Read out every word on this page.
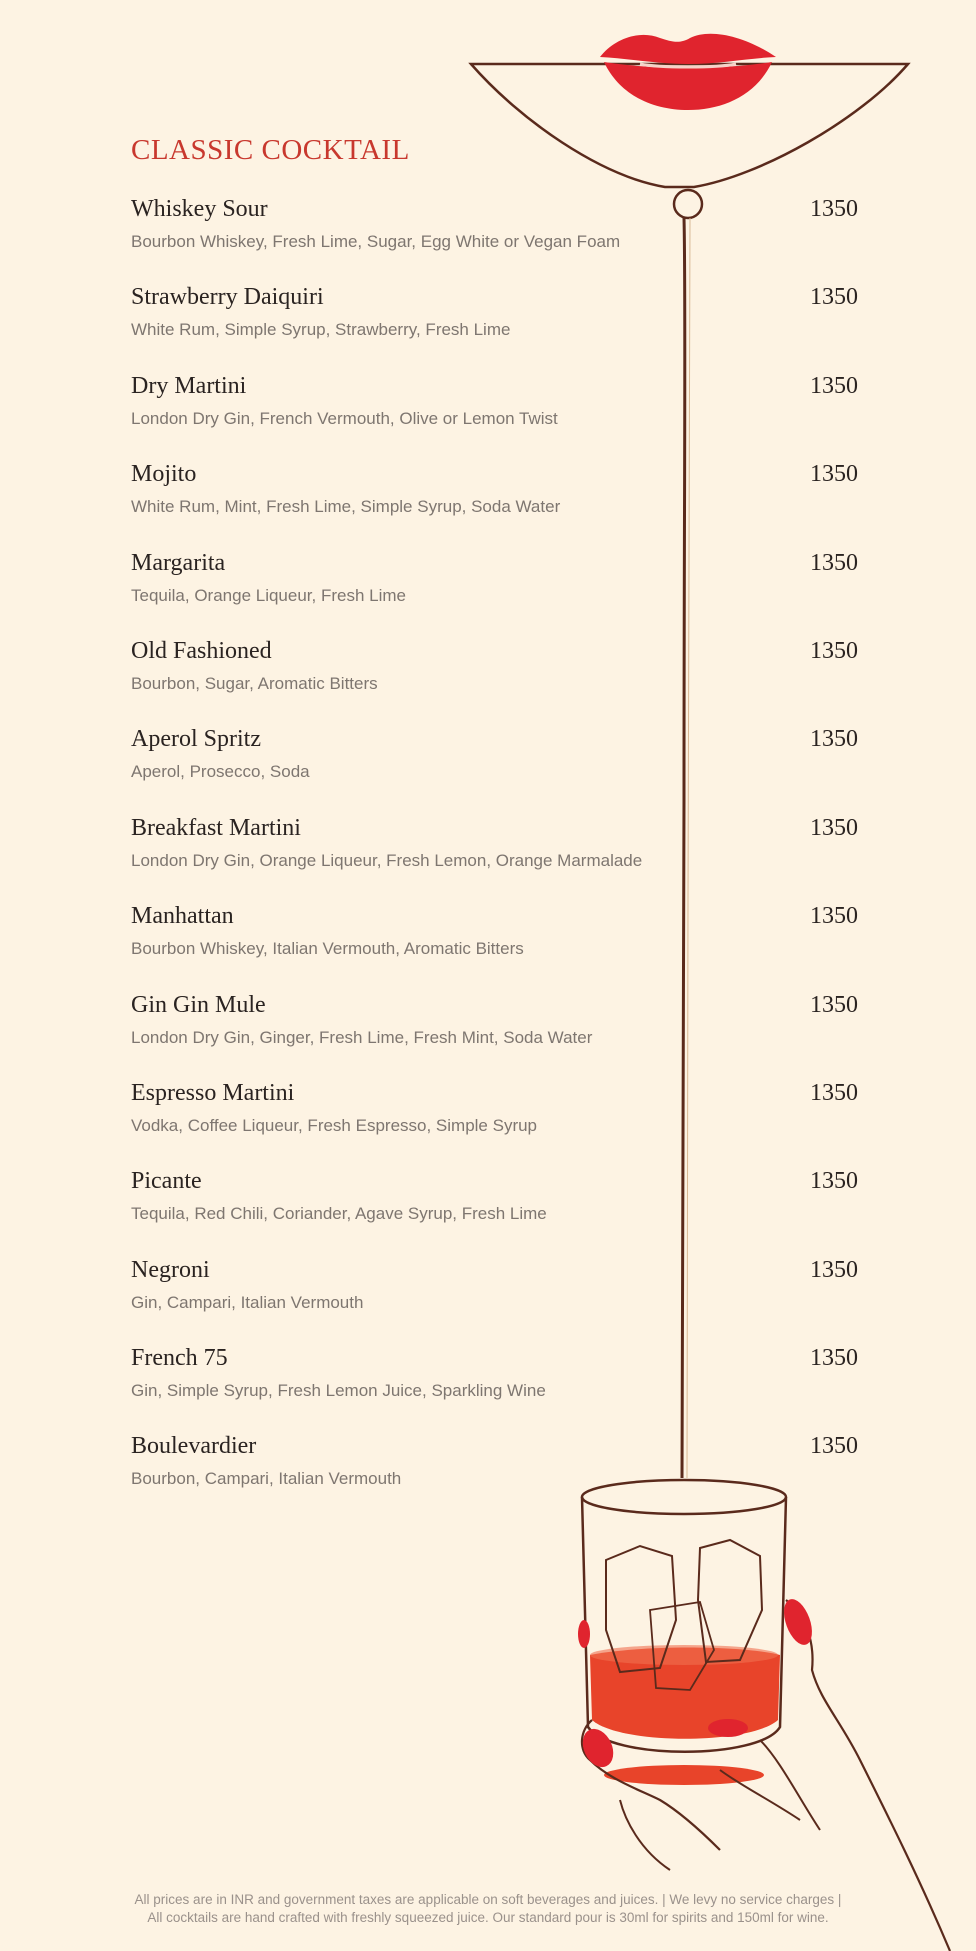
CLASSIC COCKTAIL
Whiskey Sour	1350
Bourbon Whiskey, Fresh Lime, Sugar, Egg White or Vegan Foam
Strawberry Daiquiri	1350
White Rum, Simple Syrup, Strawberry, Fresh Lime
Dry Martini	1350
London Dry Gin, French Vermouth, Olive or Lemon Twist
Mojito	1350
White Rum, Mint, Fresh Lime, Simple Syrup, Soda Water
Margarita	1350
Tequila, Orange Liqueur, Fresh Lime
Old Fashioned	1350
Bourbon, Sugar, Aromatic Bitters
Aperol Spritz	1350
Aperol, Prosecco, Soda
Breakfast Martini	1350
London Dry Gin, Orange Liqueur, Fresh Lemon, Orange Marmalade
Manhattan	1350
Bourbon Whiskey, Italian Vermouth, Aromatic Bitters
Gin Gin Mule	1350
London Dry Gin, Ginger, Fresh Lime, Fresh Mint, Soda Water
Espresso Martini	1350
Vodka, Coffee Liqueur, Fresh Espresso, Simple Syrup
Picante	1350
Tequila, Red Chili, Coriander, Agave Syrup, Fresh Lime
Negroni	1350
Gin, Campari, Italian Vermouth
French 75	1350
Gin, Simple Syrup, Fresh Lemon Juice, Sparkling Wine
Boulevardier	1350
Bourbon, Campari, Italian Vermouth
All prices are in INR and government taxes are applicable on soft beverages and juices. | We levy no service charges |
All cocktails are hand crafted with freshly squeezed juice. Our standard pour is 30ml for spirits and 150ml for wine.
